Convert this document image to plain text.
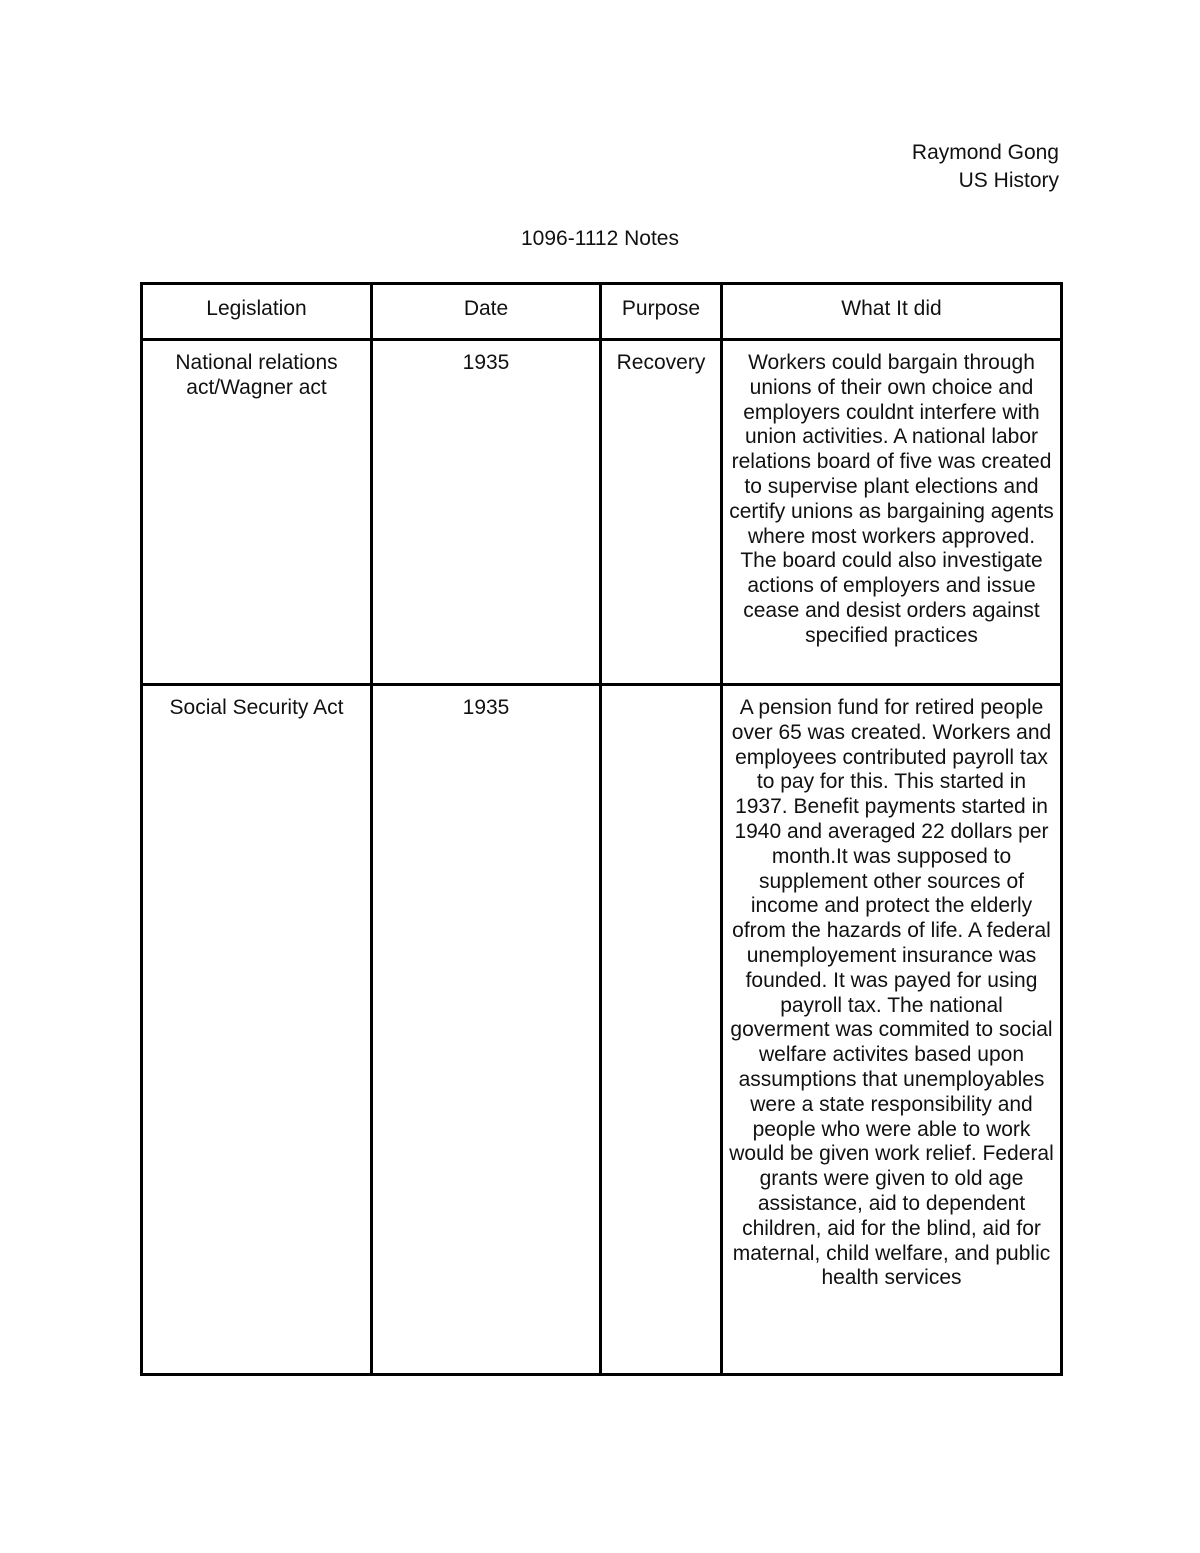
Raymond Gong
US History
1096-1112 Notes
Legislation	Date	Purpose	What It did
National relations act/Wagner act	1935	Recovery	Workers could bargain through unions of their own choice and employers couldnt interfere with union activities. A national labor relations board of five was created to supervise plant elections and certify unions as bargaining agents where most workers approved. The board could also investigate actions of employers and issue cease and desist orders against specified practices
Social Security Act	1935		A pension fund for retired people over 65 was created. Workers and employees contributed payroll tax to pay for this. This started in 1937. Benefit payments started in 1940 and averaged 22 dollars per month.It was supposed to supplement other sources of income and protect the elderly ofrom the hazards of life. A federal unemployement insurance was founded. It was payed for using payroll tax. The national goverment was commited to social welfare activites based upon assumptions that unemployables were a state responsibility and people who were able to work would be given work relief. Federal grants were given to old age assistance, aid to dependent children, aid for the blind, aid for maternal, child welfare, and public health services
